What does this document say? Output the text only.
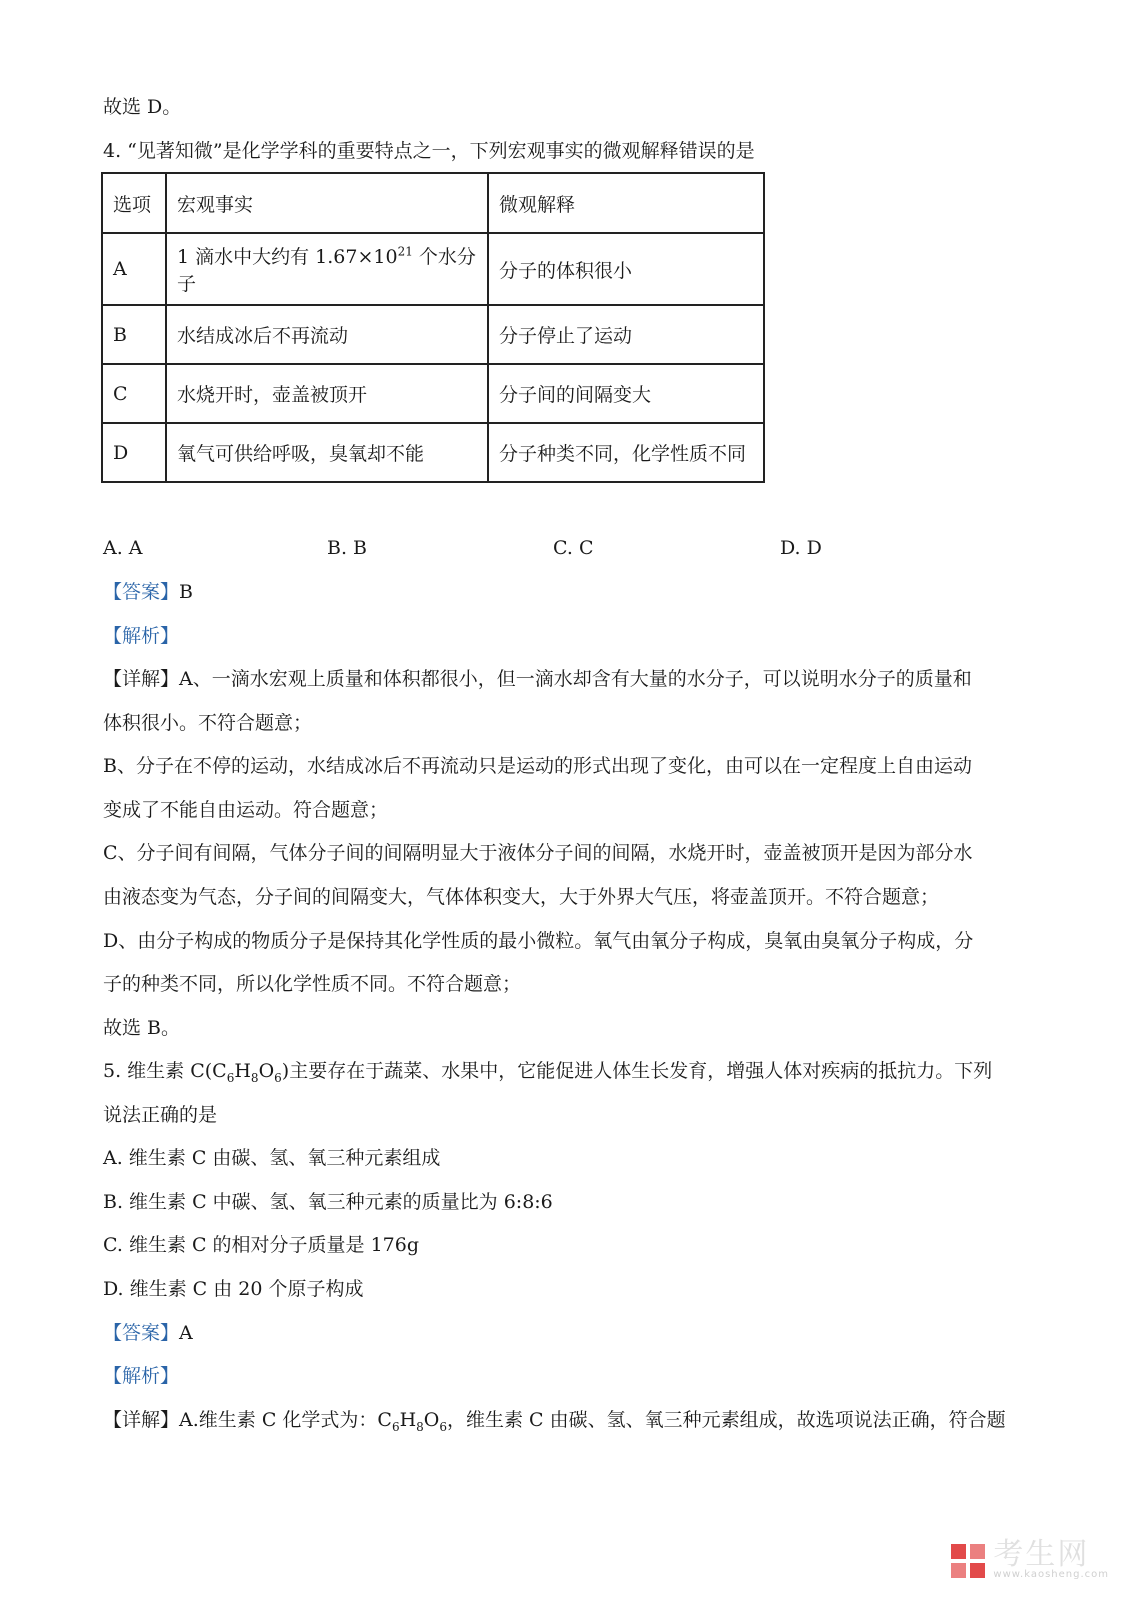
故选 D。
4. “见著知微”是化学学科的重要特点之一，下列宏观事实的微观解释错误的是
选项	宏观事实	微观解释
A	1 滴水中大约有 $1.67\times 10^{21}$ 个水分子	分子的体积很小
B	水结成冰后不再流动	分子停止了运动
C	水烧开时，壶盖被顶开	分子间的间隔变大
D	氧气可供给呼吸，臭氧却不能	分子种类不同，化学性质不同
A. A	B. B	C. C	D. D
【答案】B
【解析】
【详解】A、一滴水宏观上质量和体积都很小，但一滴水却含有大量的水分子，可以说明水分子的质量和
体积很小。不符合题意；
B、分子在不停的运动，水结成冰后不再流动只是运动的形式出现了变化，由可以在一定程度上自由运动
变成了不能自由运动。符合题意；
C、分子间有间隔，气体分子间的间隔明显大于液体分子间的间隔，水烧开时，壶盖被顶开是因为部分水
由液态变为气态，分子间的间隔变大，气体体积变大，大于外界大气压，将壶盖顶开。不符合题意；
D、由分子构成的物质分子是保持其化学性质的最小微粒。氧气由氧分子构成，臭氧由臭氧分子构成，分
子的种类不同，所以化学性质不同。不符合题意；
故选 B。
5. 维生素 $C(C_6H_8O_6)$主要存在于蔬菜、水果中，它能促进人体生长发育，增强人体对疾病的抵抗力。下列
说法正确的是
A. 维生素 C 由碳、氢、氧三种元素组成
B. 维生素 C 中碳、氢、氧三种元素的质量比为 6:8:6
C. 维生素 C 的相对分子质量是 176g
D. 维生素 C 由 20 个原子构成
【答案】A
【解析】
【详解】A.维生素 C 化学式为：$C_6H_8O_6$，维生素 C 由碳、氢、氧三种元素组成，故选项说法正确，符合题
考生网
www.kaosheng.com
